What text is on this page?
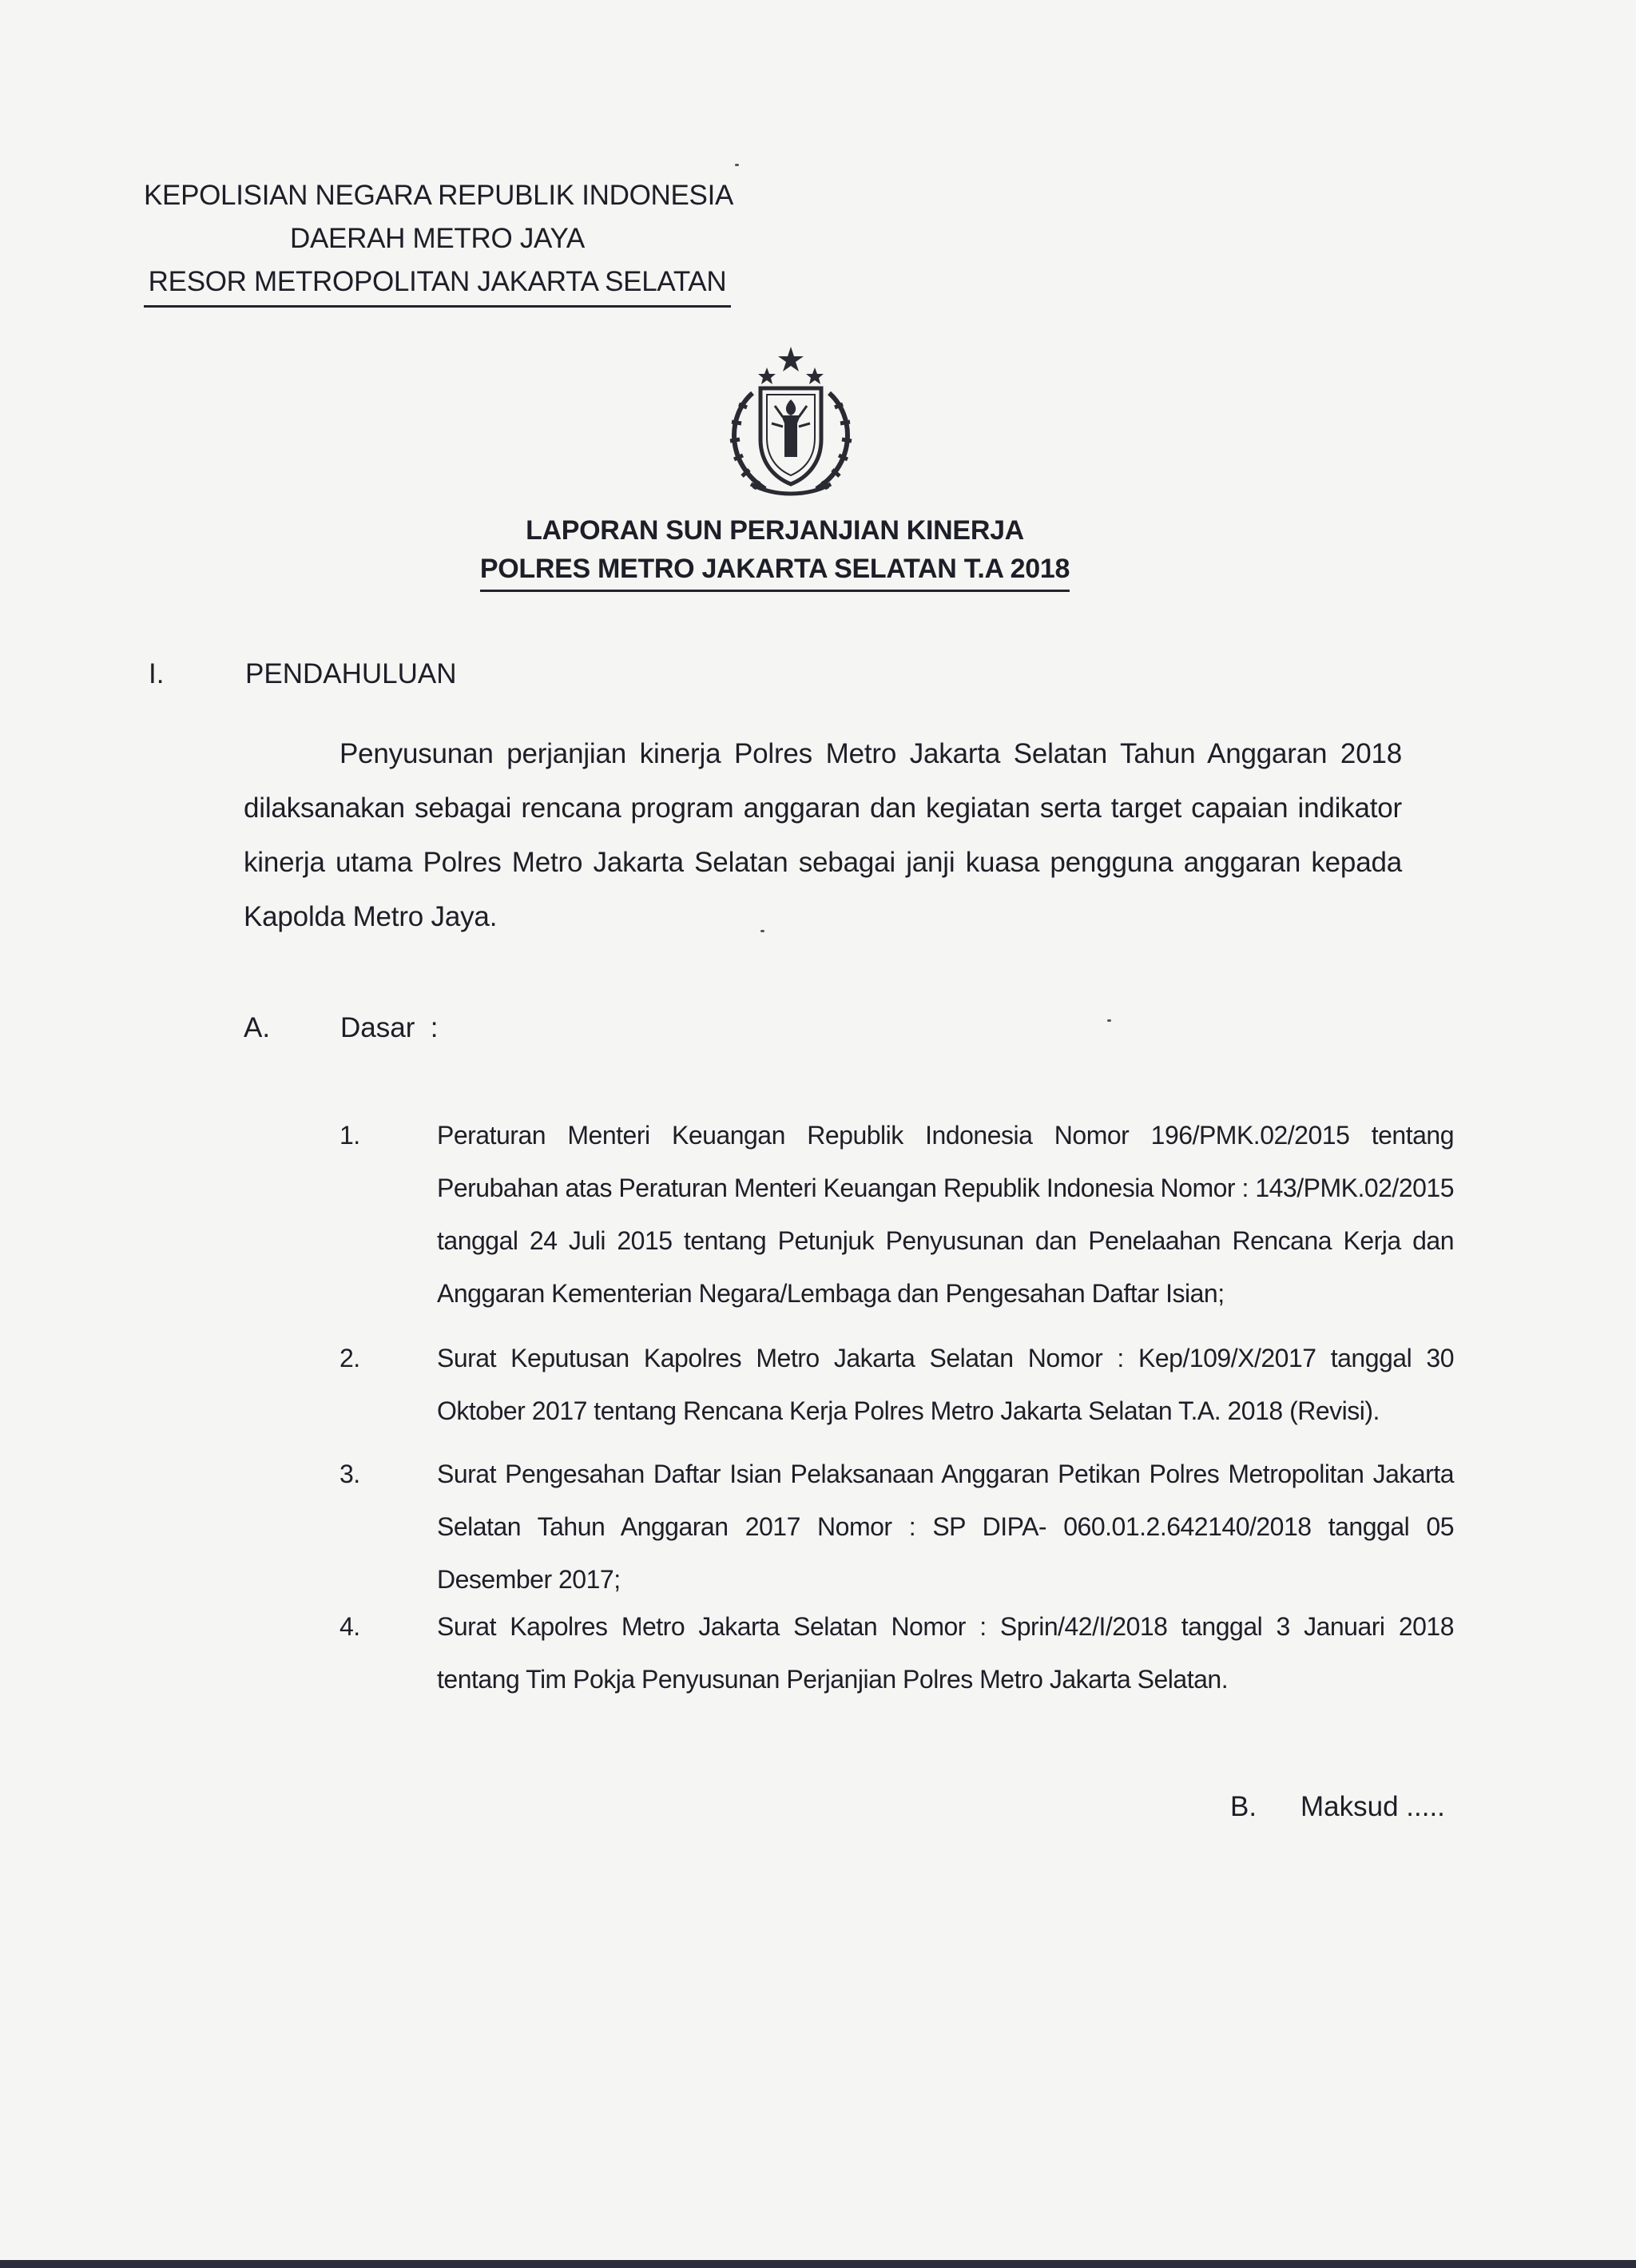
KEPOLISIAN NEGARA REPUBLIK INDONESIA
DAERAH METRO JAYA
RESOR METROPOLITAN JAKARTA SELATAN
LAPORAN SUN PERJANJIAN KINERJA
POLRES METRO JAKARTA SELATAN T.A 2018
I.	PENDAHULUAN
Penyusunan perjanjian kinerja Polres Metro Jakarta Selatan Tahun Anggaran 2018 dilaksanakan sebagai rencana program anggaran dan kegiatan serta target capaian indikator kinerja utama Polres Metro Jakarta Selatan sebagai janji kuasa pengguna anggaran kepada Kapolda Metro Jaya.
A.	Dasar  :
1.	Peraturan Menteri Keuangan Republik Indonesia Nomor 196/PMK.02/2015 tentang Perubahan atas Peraturan Menteri Keuangan Republik Indonesia Nomor : 143/PMK.02/2015 tanggal 24 Juli 2015 tentang Petunjuk Penyusunan dan Penelaahan Rencana Kerja dan Anggaran Kementerian Negara/Lembaga dan Pengesahan Daftar Isian;
2.	Surat Keputusan Kapolres Metro Jakarta Selatan Nomor : Kep/109/X/2017 tanggal 30 Oktober 2017 tentang Rencana Kerja Polres Metro Jakarta Selatan T.A. 2018 (Revisi).
3.	Surat Pengesahan Daftar Isian Pelaksanaan Anggaran Petikan Polres Metropolitan Jakarta Selatan Tahun Anggaran 2017 Nomor : SP DIPA- 060.01.2.642140/2018 tanggal 05 Desember 2017;
4.	Surat Kapolres Metro Jakarta Selatan Nomor : Sprin/42/I/2018 tanggal 3 Januari 2018 tentang Tim Pokja Penyusunan Perjanjian Polres Metro Jakarta Selatan.
B. Maksud .....
